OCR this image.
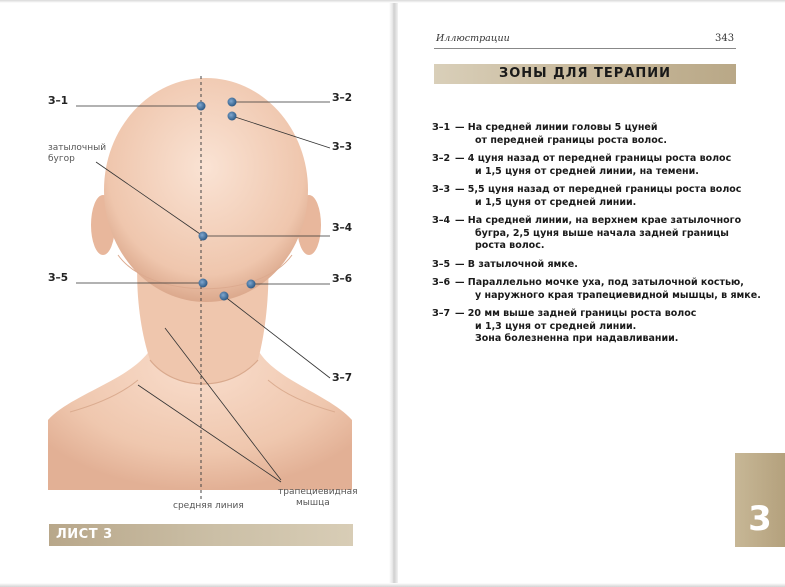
З–1	З–2
З–3
З–4
З–5	З–6
З–7
затылочный
бугор
средняя линия
трапециевидная
мышца
ЛИСТ 3
Иллюстрации	343
ЗОНЫ ДЛЯ ТЕРАПИИ
З–1 — На средней линии головы 5 цуней
от передней границы роста волос.
З–2 — 4 цуня назад от передней границы роста волос
и 1,5 цуня от средней линии, на темени.
З–3 — 5,5 цуня назад от передней границы роста волос
и 1,5 цуня от средней линии.
З–4 — На средней линии, на верхнем крае затылочного
бугра, 2,5 цуня выше начала задней границы
роста волос.
З–5 — В затылочной ямке.
З–6 — Параллельно мочке уха, под затылочной костью,
у наружного края трапециевидной мышцы, в ямке.
З–7 — 20 мм выше задней границы роста волос
и 1,3 цуня от средней линии.
Зона болезненна при надавливании.
3
